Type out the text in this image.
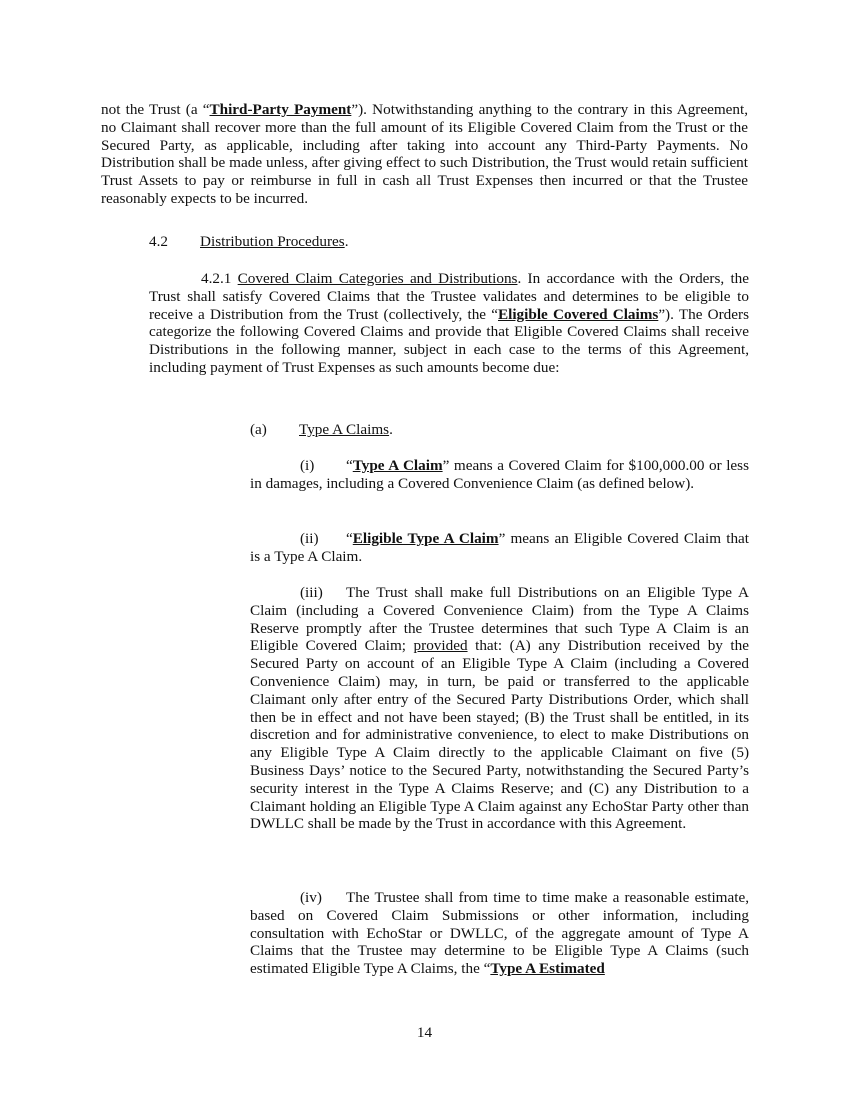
not the Trust (a “Third-Party Payment”). Notwithstanding anything to the contrary in this Agreement, no Claimant shall recover more than the full amount of its Eligible Covered Claim from the Trust or the Secured Party, as applicable, including after taking into account any Third-Party Payments. No Distribution shall be made unless, after giving effect to such Distribution, the Trust would retain sufficient Trust Assets to pay or reimburse in full in cash all Trust Expenses then incurred or that the Trustee reasonably expects to be incurred.

4.2 Distribution Procedures.

4.2.1 Covered Claim Categories and Distributions. In accordance with the Orders, the Trust shall satisfy Covered Claims that the Trustee validates and determines to be eligible to receive a Distribution from the Trust (collectively, the “Eligible Covered Claims”). The Orders categorize the following Covered Claims and provide that Eligible Covered Claims shall receive Distributions in the following manner, subject in each case to the terms of this Agreement, including payment of Trust Expenses as such amounts become due:

(a) Type A Claims.

(i) “Type A Claim” means a Covered Claim for $100,000.00 or less in damages, including a Covered Convenience Claim (as defined below).

(ii) “Eligible Type A Claim” means an Eligible Covered Claim that is a Type A Claim.

(iii) The Trust shall make full Distributions on an Eligible Type A Claim (including a Covered Convenience Claim) from the Type A Claims Reserve promptly after the Trustee determines that such Type A Claim is an Eligible Covered Claim; provided that: (A) any Distribution received by the Secured Party on account of an Eligible Type A Claim (including a Covered Convenience Claim) may, in turn, be paid or transferred to the applicable Claimant only after entry of the Secured Party Distributions Order, which shall then be in effect and not have been stayed; (B) the Trust shall be entitled, in its discretion and for administrative convenience, to elect to make Distributions on any Eligible Type A Claim directly to the applicable Claimant on five (5) Business Days’ notice to the Secured Party, notwithstanding the Secured Party’s security interest in the Type A Claims Reserve; and (C) any Distribution to a Claimant holding an Eligible Type A Claim against any EchoStar Party other than DWLLC shall be made by the Trust in accordance with this Agreement.

(iv) The Trustee shall from time to time make a reasonable estimate, based on Covered Claim Submissions or other information, including consultation with EchoStar or DWLLC, of the aggregate amount of Type A Claims that the Trustee may determine to be Eligible Type A Claims (such estimated Eligible Type A Claims, the “Type A Estimated

14
